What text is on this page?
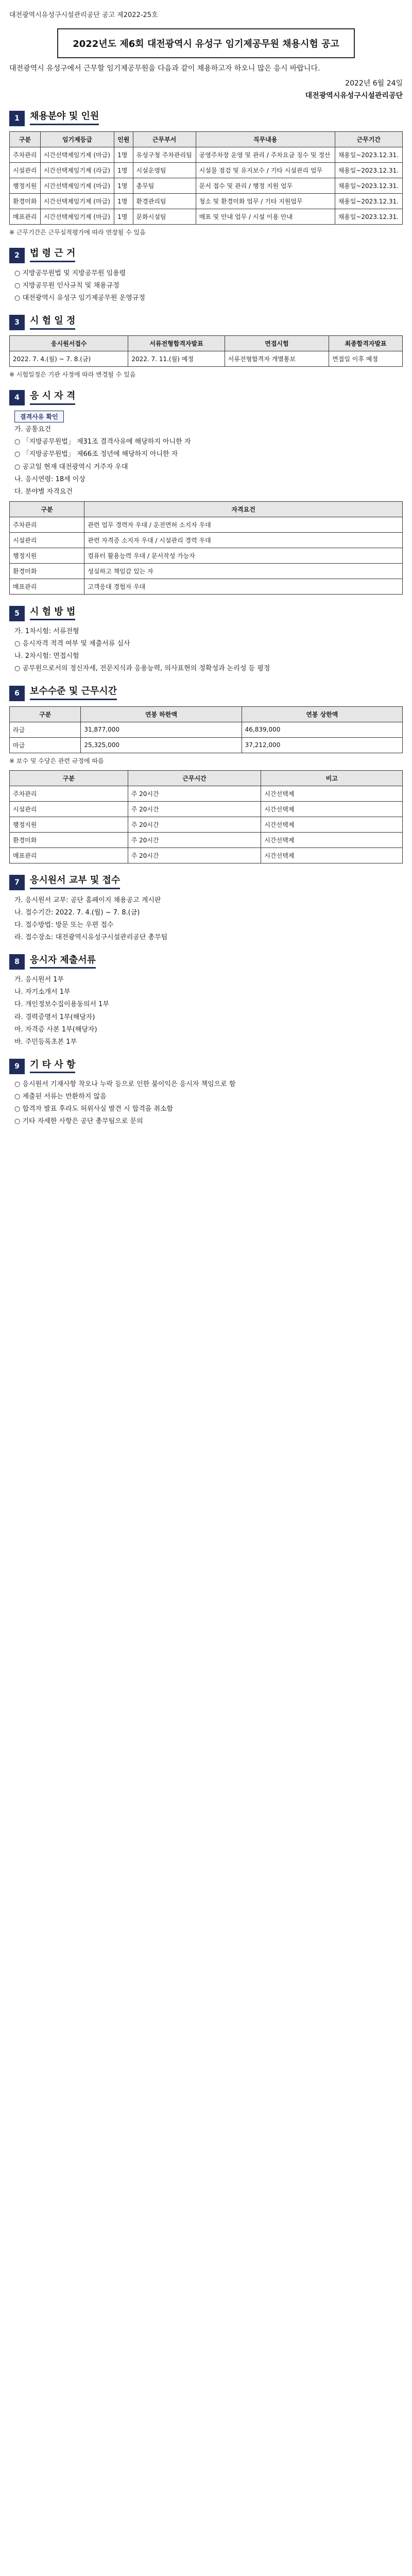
대전광역시유성구시설관리공단 공고 제2022-25호
2022년도 제6회 대전광역시 유성구 임기제공무원 채용시험 공고
대전광역시 유성구에서 근무할 임기제공무원을 다음과 같이 채용하고자 하오니 많은 응시 바랍니다.
2022년 6월 24일
대전광역시유성구시설관리공단
1	채용분야 및 인원
구분	임기제등급	인원	근무부서	직무내용	근무기간
주차관리	시간선택제임기제 (마급)	1명	유성구청 주차관리팀	공영주차장 운영 및 관리 / 주차요금 징수 및 정산	채용일~2023.12.31.
시설관리	시간선택제임기제 (라급)	1명	시설운영팀	시설물 점검 및 유지보수 / 기타 시설관리 업무	채용일~2023.12.31.
행정지원	시간선택제임기제 (마급)	1명	총무팀	문서 접수 및 관리 / 행정 지원 업무	채용일~2023.12.31.
환경미화	시간선택제임기제 (마급)	1명	환경관리팀	청소 및 환경미화 업무 / 기타 지원업무	채용일~2023.12.31.
매표관리	시간선택제임기제 (마급)	1명	문화시설팀	매표 및 안내 업무 / 시설 이용 안내	채용일~2023.12.31.
※ 근무기간은 근무실적평가에 따라 연장될 수 있음
2	법 령 근 거

○ 지방공무원법 및 지방공무원 임용령

○ 지방공무원 인사규칙 및 채용규정

○ 대전광역시 유성구 임기제공무원 운영규정

3	시 험 일 정
응시원서접수	서류전형합격자발표	면접시험	최종합격자발표
2022. 7. 4.(월) ~ 7. 8.(금)	2022. 7. 11.(월) 예정	서류전형합격자 개별통보	면접일 이후 예정
※ 시험일정은 기관 사정에 따라 변경될 수 있음
4	응 시 자 격
결격사유 확인

가. 공통요건

○ 「지방공무원법」 제31조 결격사유에 해당하지 아니한 자

○ 「지방공무원법」 제66조 정년에 해당하지 아니한 자

○ 공고일 현재 대전광역시 거주자 우대

나. 응시연령: 18세 이상

다. 분야별 자격요건

구분	자격요건
주차관리	관련 업무 경력자 우대 / 운전면허 소지자 우대
시설관리	관련 자격증 소지자 우대 / 시설관리 경력 우대
행정지원	컴퓨터 활용능력 우대 / 문서작성 가능자
환경미화	성실하고 책임감 있는 자
매표관리	고객응대 경험자 우대
5	시 험 방 법

가. 1차시험: 서류전형

○ 응시자격 적격 여부 및 제출서류 심사

나. 2차시험: 면접시험

○ 공무원으로서의 정신자세, 전문지식과 응용능력, 의사표현의 정확성과 논리성 등 평정

6	보수수준 및 근무시간
구분	연봉 하한액	연봉 상한액
라급	31,877,000	46,839,000
마급	25,325,000	37,212,000
※ 보수 및 수당은 관련 규정에 따름
구분	근무시간	비고
주차관리	주 20시간	시간선택제
시설관리	주 20시간	시간선택제
행정지원	주 20시간	시간선택제
환경미화	주 20시간	시간선택제
매표관리	주 20시간	시간선택제
7	응시원서 교부 및 접수

가. 응시원서 교부: 공단 홈페이지 채용공고 게시판

나. 접수기간: 2022. 7. 4.(월) ~ 7. 8.(금)

다. 접수방법: 방문 또는 우편 접수

라. 접수장소: 대전광역시유성구시설관리공단 총무팀

8	응시자 제출서류

가. 응시원서 1부

나. 자기소개서 1부

다. 개인정보수집이용동의서 1부

라. 경력증명서 1부(해당자)

마. 자격증 사본 1부(해당자)

바. 주민등록초본 1부

9	기 타 사 항

○ 응시원서 기재사항 착오나 누락 등으로 인한 불이익은 응시자 책임으로 함

○ 제출된 서류는 반환하지 않음

○ 합격자 발표 후라도 허위사실 발견 시 합격을 취소함

○ 기타 자세한 사항은 공단 총무팀으로 문의
